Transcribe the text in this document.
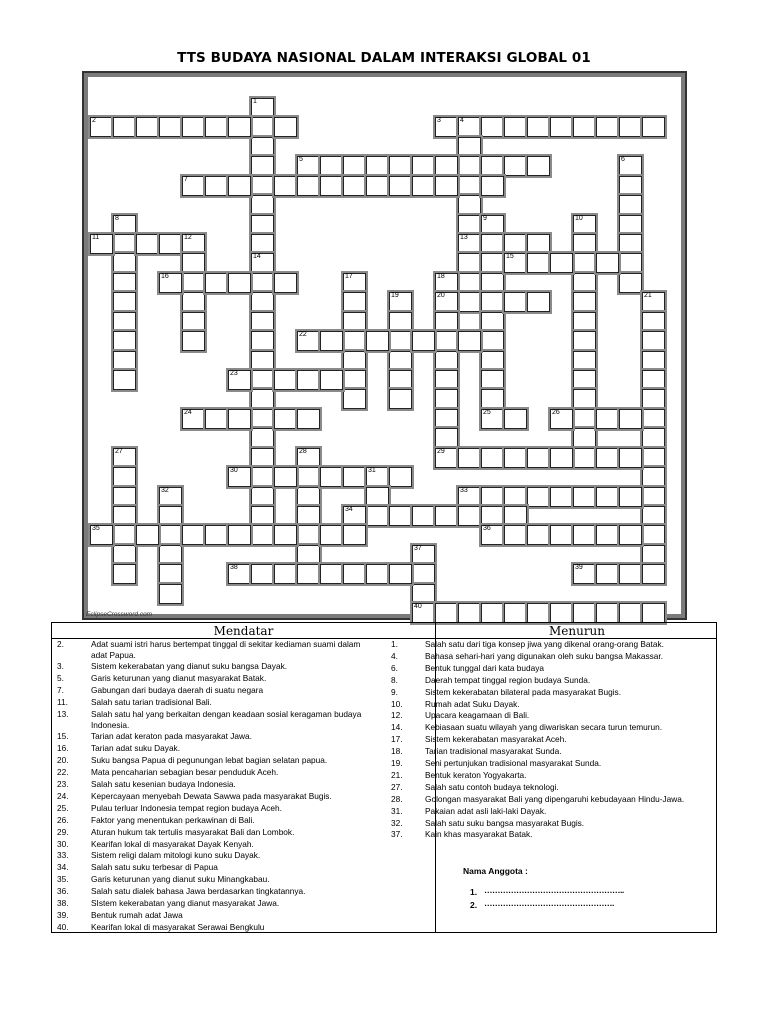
TTS BUDAYA NASIONAL DALAM INTERAKSI GLOBAL 01
1
14
2	3	4
13
5	6
7
8	9
25
10
11	12
15
16	17	18
20
19	21
22
23
24	26
27	28	29
30	31
32	33
34
35	36
37
40
38	39
EclipseCrossword.com
Mendatar	Menurun
2.	Adat suami istri harus bertempat tinggal di sekitar kediaman suami dalam adat Papua.
3.	Sistem kekerabatan yang dianut suku bangsa Dayak.
5.	Garis keturunan yang dianut masyarakat Batak.
7.	Gabungan dari budaya daerah di suatu negara
11.	Salah satu tarian tradisional Bali.
13.	Salah satu hal yang berkaitan dengan keadaan sosial keragaman budaya Indonesia.
15.	Tarian adat keraton pada masyarakat Jawa.
16.	Tarian adat suku Dayak.
20.	Suku bangsa Papua di pegunungan lebat bagian selatan papua.
22.	Mata pencaharian sebagian besar penduduk Aceh.
23.	Salah satu kesenian budaya Indonesia.
24.	Kepercayaan menyebah Dewata Sawwa pada masyarakat Bugis.
25.	Pulau terluar Indonesia tempat region budaya Aceh.
26.	Faktor yang menentukan perkawinan di Bali.
29.	Aturan hukum tak tertulis masyarakat Bali dan Lombok.
30.	Kearifan lokal di masyarakat Dayak Kenyah.
33.	Sistem religi dalam mitologi kuno suku Dayak.
34.	Salah satu suku terbesar di Papua
35.	Garis keturunan yang dianut suku Minangkabau.
36.	Salah satu dialek bahasa Jawa berdasarkan tingkatannya.
38.	SIstem kekerabatan yang dianut masyarakat Jawa.
39.	Bentuk rumah adat Jawa
40.	Kearifan lokal di masyarakat Serawai Bengkulu
1.	Salah satu dari tiga konsep jiwa yang dikenal orang-orang Batak.
4.	Bahasa sehari-hari yang digunakan oleh suku bangsa Makassar.
6.	Bentuk tunggal dari kata budaya
8.	Daerah tempat tinggal region budaya Sunda.
9.	Sistem kekerabatan bilateral pada masyarakat Bugis.
10.	Rumah adat Suku Dayak.
12.	Upacara keagamaan di Bali.
14.	Kebiasaan suatu wilayah yang diwariskan secara turun temurun.
17.	Sistem kekerabatan masyarakat Aceh.
18.	Tarian tradisional masyarakat Sunda.
19.	Seni pertunjukan tradisional masyarakat Sunda.
21.	Bentuk keraton Yogyakarta.
27.	Salah satu contoh budaya teknologi.
28.	Golongan masyarakat Bali yang dipengaruhi kebudayaan Hindu-Jawa.
31.	Pakaian adat asli laki-laki Dayak.
32.	Salah satu suku bangsa masyarakat Bugis.
37.	Kain khas masyarakat Batak.
Nama Anggota :
1. ……………………………………………..
2. ………………………………………….
